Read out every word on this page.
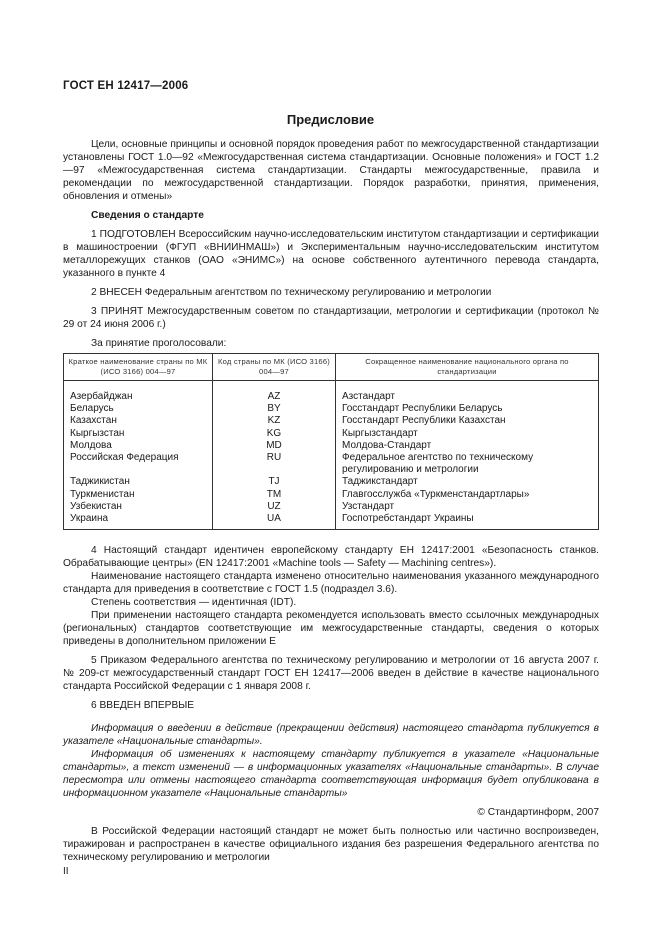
ГОСТ ЕН 12417—2006
Предисловие

Цели, основные принципы и основной порядок проведения работ по межгосударственной стандартизации установлены ГОСТ 1.0—92 «Межгосударственная система стандартизации. Основные положения» и ГОСТ 1.2—97 «Межгосударственная система стандартизации. Стандарты межгосударственные, правила и рекомендации по межгосударственной стандартизации. Порядок разработки, принятия, применения, обновления и отмены»

Сведения о стандарте

1 ПОДГОТОВЛЕН Всероссийским научно-исследовательским институтом стандартизации и сертификации в машиностроении (ФГУП «ВНИИНМАШ») и Экспериментальным научно-исследовательским институтом металлорежущих станков (ОАО «ЭНИМС») на основе собственного аутентичного перевода стандарта, указанного в пункте 4

2 ВНЕСЕН Федеральным агентством по техническому регулированию и метрологии

3 ПРИНЯТ Межгосударственным советом по стандартизации, метрологии и сертификации (протокол № 29 от 24 июня 2006 г.)

За принятие проголосовали:

Краткое наименование страны по МК (ИСО 3166) 004—97	Код страны по МК (ИСО 3166) 004—97	Сокращенное наименование национального органа по стандартизации
Азербайджан	AZ	Азстандарт
Беларусь	BY	Госстандарт Республики Беларусь
Казахстан	KZ	Госстандарт Республики Казахстан
Кыргызстан	KG	Кыргызстандарт
Молдова	MD	Молдова-Стандарт
Российская Федерация	RU	Федеральное агентство по техническому регулированию и метрологии
Таджикистан	TJ	Таджикстандарт
Туркменистан	TM	Главгосслужба «Туркменстандартлары»
Узбекистан	UZ	Узстандарт
Украина	UA	Госпотребстандарт Украины

4 Настоящий стандарт идентичен европейскому стандарту ЕН 12417:2001 «Безопасность станков. Обрабатывающие центры» (EN 12417:2001 «Machine tools — Safety — Machining centres»).

Наименование настоящего стандарта изменено относительно наименования указанного международного стандарта для приведения в соответствие с ГОСТ 1.5 (подраздел 3.6).

Степень соответствия — идентичная (IDT).

При применении настоящего стандарта рекомендуется использовать вместо ссылочных международных (региональных) стандартов соответствующие им межгосударственные стандарты, сведения о которых приведены в дополнительном приложении Е

5 Приказом Федерального агентства по техническому регулированию и метрологии от 16 августа 2007 г. № 209-ст межгосударственный стандарт ГОСТ ЕН 12417—2006 введен в действие в качестве национального стандарта Российской Федерации с 1 января 2008 г.

6 ВВЕДЕН ВПЕРВЫЕ

Информация о введении в действие (прекращении действия) настоящего стандарта публикуется в указателе «Национальные стандарты».

Информация об изменениях к настоящему стандарту публикуется в указателе «Национальные стандарты», а текст изменений — в информационных указателях «Национальные стандарты». В случае пересмотра или отмены настоящего стандарта соответствующая информация будет опубликована в информационном указателе «Национальные стандарты»

© Стандартинформ, 2007

В Российской Федерации настоящий стандарт не может быть полностью или частично воспроизведен, тиражирован и распространен в качестве официального издания без разрешения Федерального агентства по техническому регулированию и метрологии

II
